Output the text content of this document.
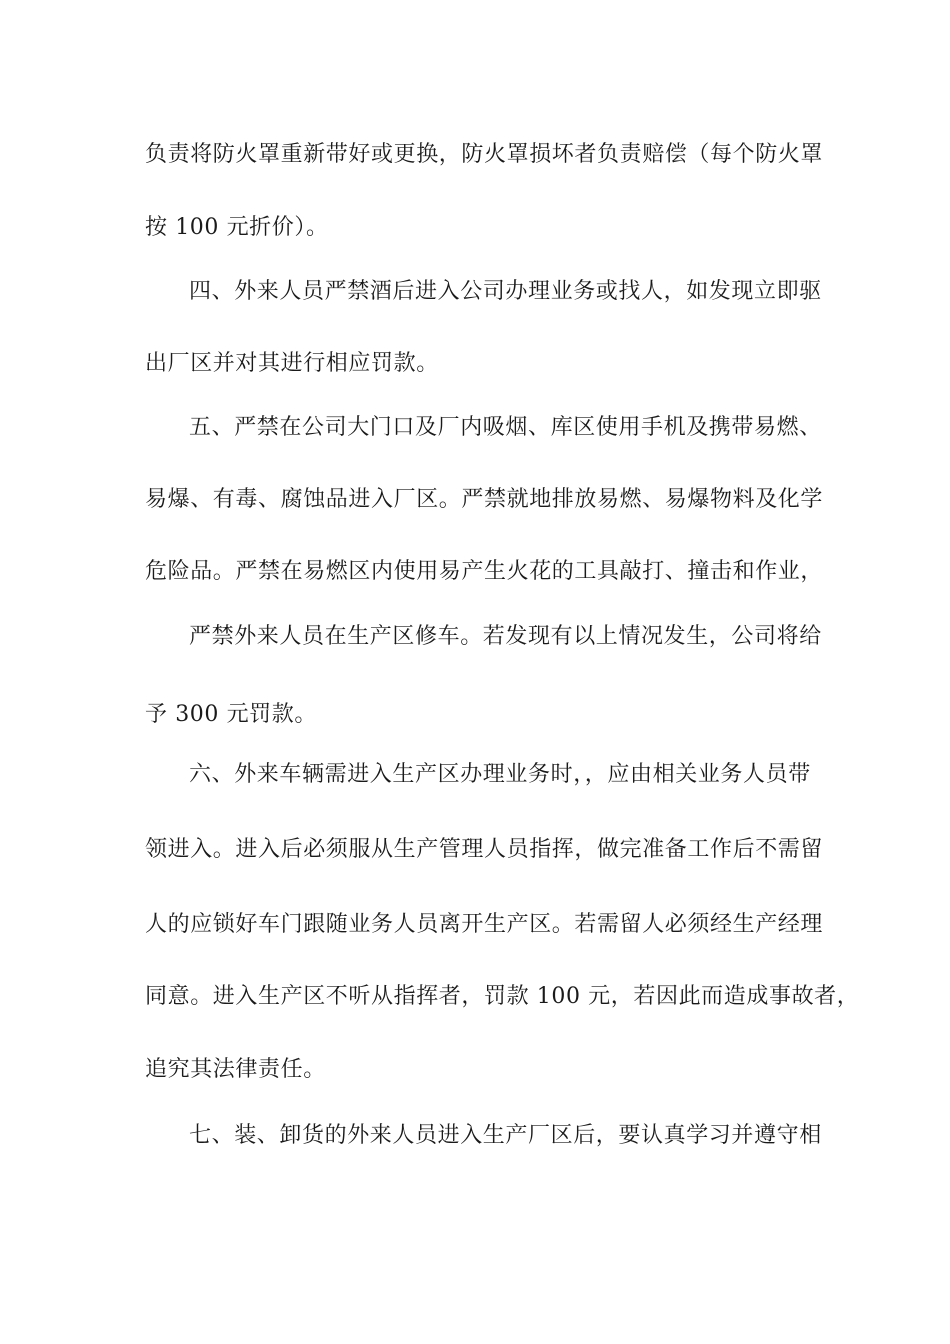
负责将防火罩重新带好或更换，防火罩损坏者负责赔偿（每个防火罩
按 100 元折价）。
四、外来人员严禁酒后进入公司办理业务或找人，如发现立即驱
出厂区并对其进行相应罚款。
五、严禁在公司大门口及厂内吸烟、库区使用手机及携带易燃、
易爆、有毒、腐蚀品进入厂区。严禁就地排放易燃、易爆物料及化学
危险品。严禁在易燃区内使用易产生火花的工具敲打、撞击和作业，
严禁外来人员在生产区修车。若发现有以上情况发生，公司将给
予 300 元罚款。
六、外来车辆需进入生产区办理业务时，，应由相关业务人员带
领进入。进入后必须服从生产管理人员指挥，做完准备工作后不需留
人的应锁好车门跟随业务人员离开生产区。若需留人必须经生产经理
同意。进入生产区不听从指挥者，罚款 100 元，若因此而造成事故者，
追究其法律责任。
七、装、卸货的外来人员进入生产厂区后，要认真学习并遵守相
